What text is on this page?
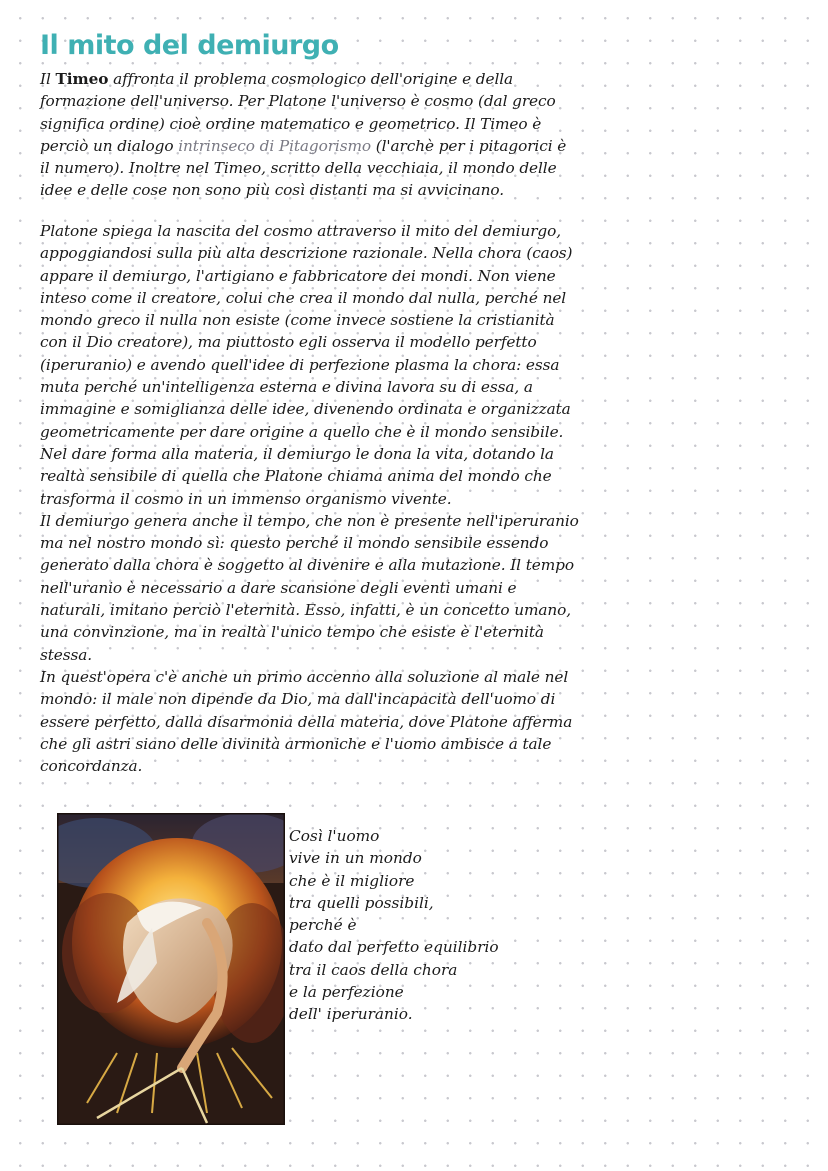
Il mito del demiurgo

Il Timeo affronta il problema cosmologico dell'origine e della
formazione dell'universo. Per Platone l'universo è cosmo (dal greco
significa ordine) cioè ordine matematico e geometrico. Il Timeo è
perciò un dialogo intrinseco di Pitagorismo (l'archè per i pitagorici è
il numero). Inoltre nel Timeo, scritto della vecchiaia, il mondo delle
idee e delle cose non sono più così distanti ma si avvicinano.

Platone spiega la nascita del cosmo attraverso il mito del demiurgo,
appoggiandosi sulla più alta descrizione razionale. Nella chora (caos)
appare il demiurgo, l'artigiano e fabbricatore dei mondi. Non viene
inteso come il creatore, colui che crea il mondo dal nulla, perché nel
mondo greco il nulla non esiste (come invece sostiene la cristianità
con il Dio creatore), ma piuttosto egli osserva il modello perfetto
(iperuranio) e avendo quell'idee di perfezione plasma la chora: essa
muta perché un'intelligenza esterna e divina lavora su di essa, a
immagine e somiglianza delle idee, divenendo ordinata e organizzata
geometricamente per dare origine a quello che è il mondo sensibile.
Nel dare forma alla materia, il demiurgo le dona la vita, dotando la
realtà sensibile di quella che Platone chiama anima del mondo che
trasforma il cosmo in un immenso organismo vivente.
Il demiurgo genera anche il tempo, che non è presente nell'iperuranio
ma nel nostro mondo sì: questo perché il mondo sensibile essendo
generato dalla chora è soggetto al divenire e alla mutazione. Il tempo
nell'uranio è necessario a dare scansione degli eventi umani e
naturali, imitano perciò l'eternità. Esso, infatti, è un concetto umano,
una convinzione, ma in realtà l'unico tempo che esiste è l'eternità
stessa.
In quest'opera c'è anche un primo accenno alla soluzione al male nel
mondo: il male non dipende da Dio, ma dall'incapacità dell'uomo di
essere perfetto, dalla disarmonia della materia, dove Platone afferma
che gli astri siano delle divinità armoniche e l'uomo ambisce a tale
concordanza.

Così l'uomo
vive in un mondo
che è il migliore
tra quelli possibili,
perché è
dato dal perfetto equilibrio
tra il caos della chora
e la perfezione
dell' iperuranio.
